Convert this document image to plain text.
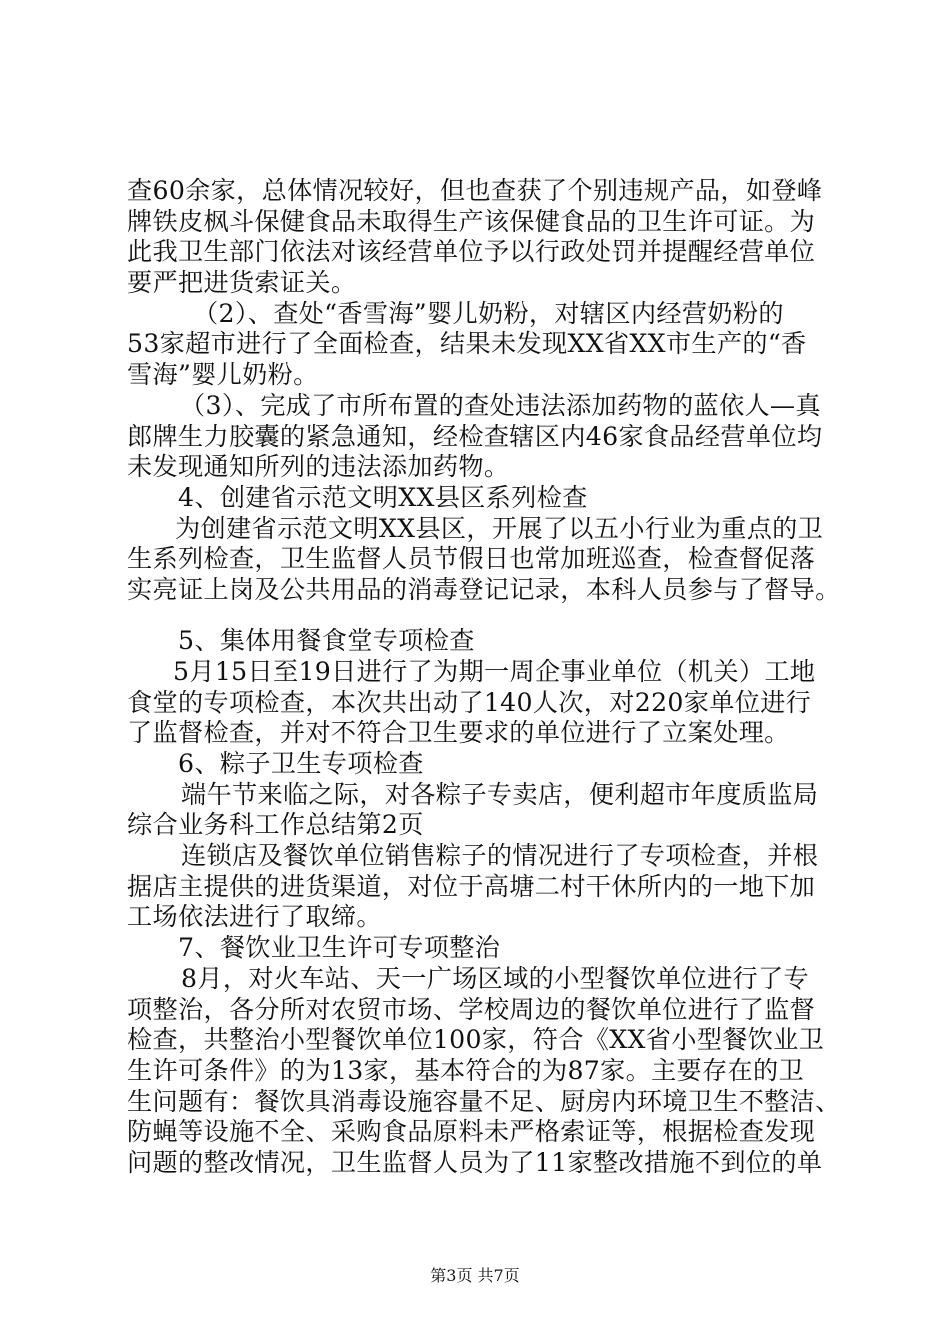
查60余家，总体情况较好，但也查获了个别违规产品，如登峰
牌铁皮枫斗保健食品未取得生产该保健食品的卫生许可证。为
此我卫生部门依法对该经营单位予以行政处罚并提醒经营单位
要严把进货索证关。
（2）、查处“香雪海”婴儿奶粉，对辖区内经营奶粉的
53家超市进行了全面检查，结果未发现XX省XX市生产的“香
雪海”婴儿奶粉。
（3）、完成了市所布置的查处违法添加药物的蓝依人—真
郎牌生力胶囊的紧急通知，经检查辖区内46家食品经营单位均
未发现通知所列的违法添加药物。
4、创建省示范文明XX县区系列检查
为创建省示范文明XX县区，开展了以五小行业为重点的卫
生系列检查，卫生监督人员节假日也常加班巡查，检查督促落
实亮证上岗及公共用品的消毒登记记录，本科人员参与了督导。
5、集体用餐食堂专项检查
5月15日至19日进行了为期一周企事业单位（机关）工地
食堂的专项检查，本次共出动了140人次，对220家单位进行
了监督检查，并对不符合卫生要求的单位进行了立案处理。
6、粽子卫生专项检查
端午节来临之际，对各粽子专卖店，便利超市年度质监局
综合业务科工作总结第2页
连锁店及餐饮单位销售粽子的情况进行了专项检查，并根
据店主提供的进货渠道，对位于高塘二村干休所内的一地下加
工场依法进行了取缔。
7、餐饮业卫生许可专项整治
8月，对火车站、天一广场区域的小型餐饮单位进行了专
项整治，各分所对农贸市场、学校周边的餐饮单位进行了监督
检查，共整治小型餐饮单位100家，符合《XX省小型餐饮业卫
生许可条件》的为13家，基本符合的为87家。主要存在的卫
生问题有：餐饮具消毒设施容量不足、厨房内环境卫生不整洁、
防蝇等设施不全、采购食品原料未严格索证等，根据检查发现
问题的整改情况，卫生监督人员为了11家整改措施不到位的单
第3页 共7页
